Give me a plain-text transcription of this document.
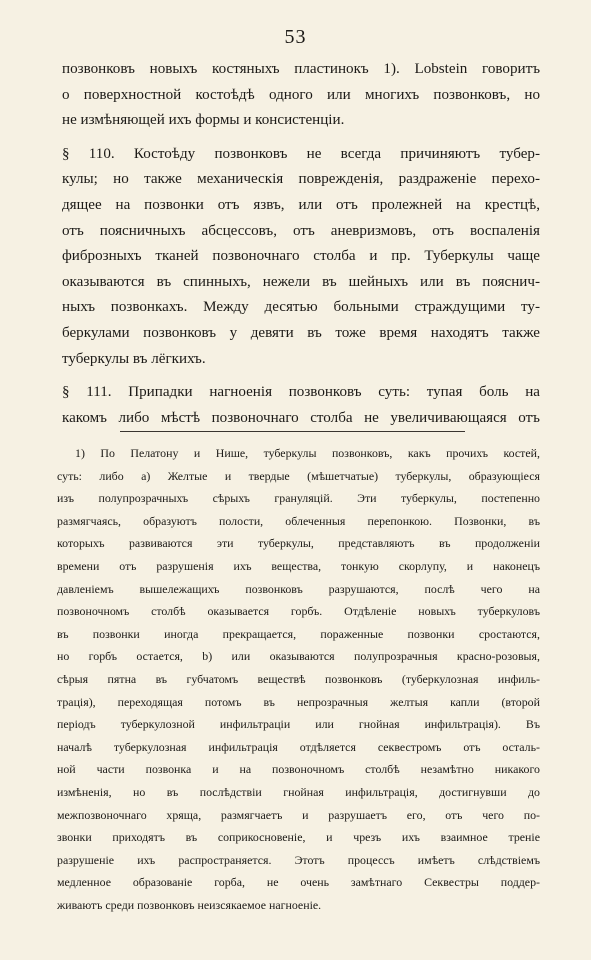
53
позвонковъ новыхъ костяныхъ пластинокъ 1). Lobstein говоритъ
о поверхностной костоѣдѣ одного или многихъ позвонковъ, но
не измѣняющей ихъ формы и консистенціи.
§ 110. Костоѣду позвонковъ не всегда причиняютъ тубер-
кулы; но также механическія поврежденія, раздраженіе перехо-
дящее на позвонки отъ язвъ, или отъ пролежней на крестцѣ,
отъ поясничныхъ абсцессовъ, отъ аневризмовъ, отъ воспаленія
фиброзныхъ тканей позвоночнаго столба и пр. Туберкулы чаще
оказываются въ спинныхъ, нежели въ шейныхъ или въ пояснич-
ныхъ позвонкахъ. Между десятью больными страждущими ту-
беркулами позвонковъ у девяти въ тоже время находятъ также
туберкулы въ лёгкихъ.
§ 111. Припадки нагноенія позвонковъ суть: тупая боль на
какомъ либо мѣстѣ позвоночнаго столба не увеличивающаяся отъ
1) По Пелатону и Нише, туберкулы позвонковъ, какъ прочихъ костей,
суть: либо а) Желтые и твердые (мѣшетчатые) туберкулы, образующіеся
изъ полупрозрачныхъ сѣрыхъ грануляцій. Эти туберкулы, постепенно
размягчаясь, образуютъ полости, облеченныя перепонкою. Позвонки, въ
которыхъ развиваются эти туберкулы, представляютъ въ продолженіи
времени отъ разрушенія ихъ вещества, тонкую скорлупу, и наконецъ
давленіемъ вышележащихъ позвонковъ разрушаются, послѣ чего на
позвоночномъ столбѣ оказывается горбъ. Отдѣленіе новыхъ туберкуловъ
въ позвонки иногда прекращается, пораженные позвонки сростаются,
но горбъ остается, b) или оказываются полупрозрачныя красно-розовыя,
сѣрыя пятна въ губчатомъ веществѣ позвонковъ (туберкулозная инфиль-
трація), переходящая потомъ въ непрозрачныя желтыя капли (второй
періодъ туберкулозной инфильтраціи или гнойная инфильтрація). Въ
началѣ туберкулозная инфильтрація отдѣляется секвестромъ отъ осталь-
ной части позвонка и на позвоночномъ столбѣ незамѣтно никакого
измѣненія, но въ послѣдствіи гнойная инфильтрація, достигнувши до
межпозвоночнаго хряща, размягчаетъ и разрушаетъ его, отъ чего по-
звонки приходятъ въ соприкосновеніе, и чрезъ ихъ взаимное треніе
разрушеніе ихъ распространяется. Этотъ процессъ имѣетъ слѣдствіемъ
медленное образованіе горба, не очень замѣтнаго Секвестры поддер-
живаютъ среди позвонковъ неизсякаемое нагноеніе.
